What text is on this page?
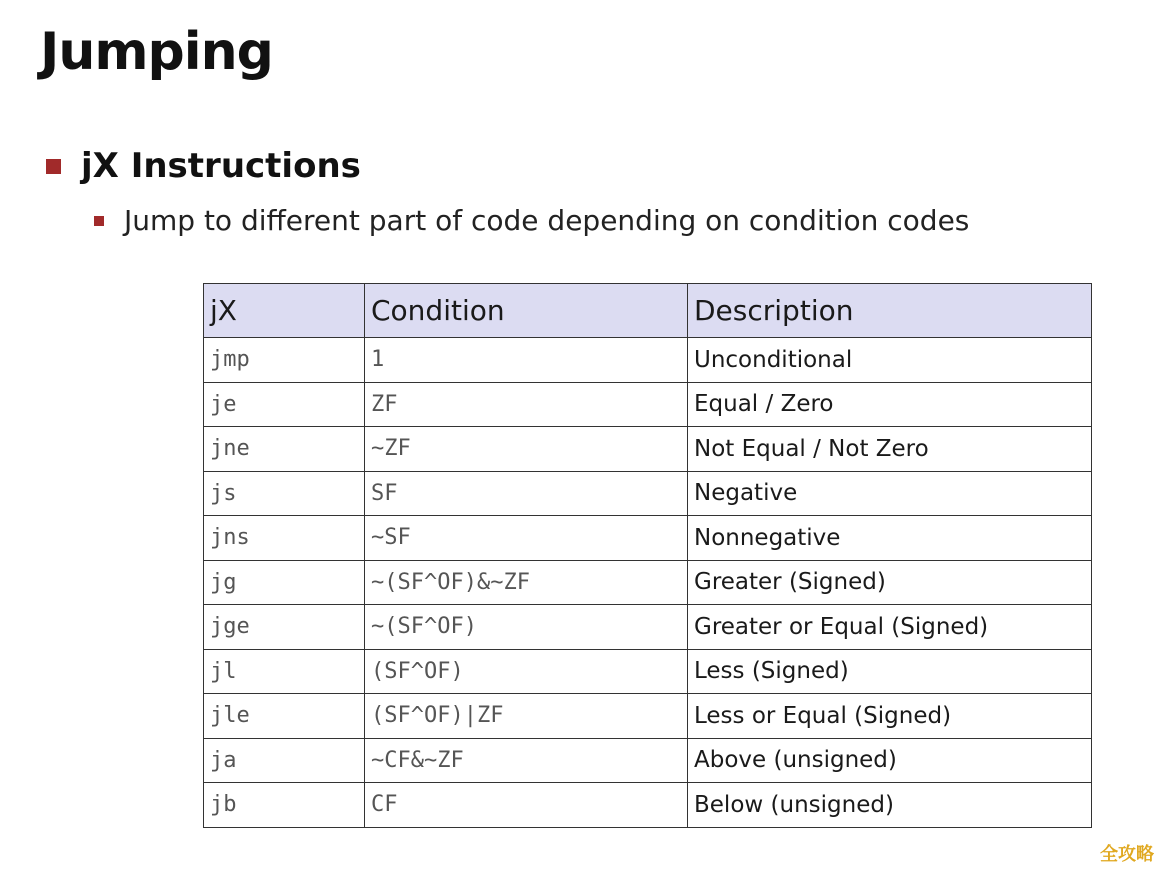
Jumping
jX Instructions
Jump to different part of code depending on condition codes
jX	Condition	Description
jmp	1	Unconditional
je	ZF	Equal / Zero
jne	~ZF	Not Equal / Not Zero
js	SF	Negative
jns	~SF	Nonnegative
jg	~(SF^OF)&~ZF	Greater (Signed)
jge	~(SF^OF)	Greater or Equal (Signed)
jl	(SF^OF)	Less (Signed)
jle	(SF^OF)|ZF	Less or Equal (Signed)
ja	~CF&~ZF	Above (unsigned)
jb	CF	Below (unsigned)
全攻略
